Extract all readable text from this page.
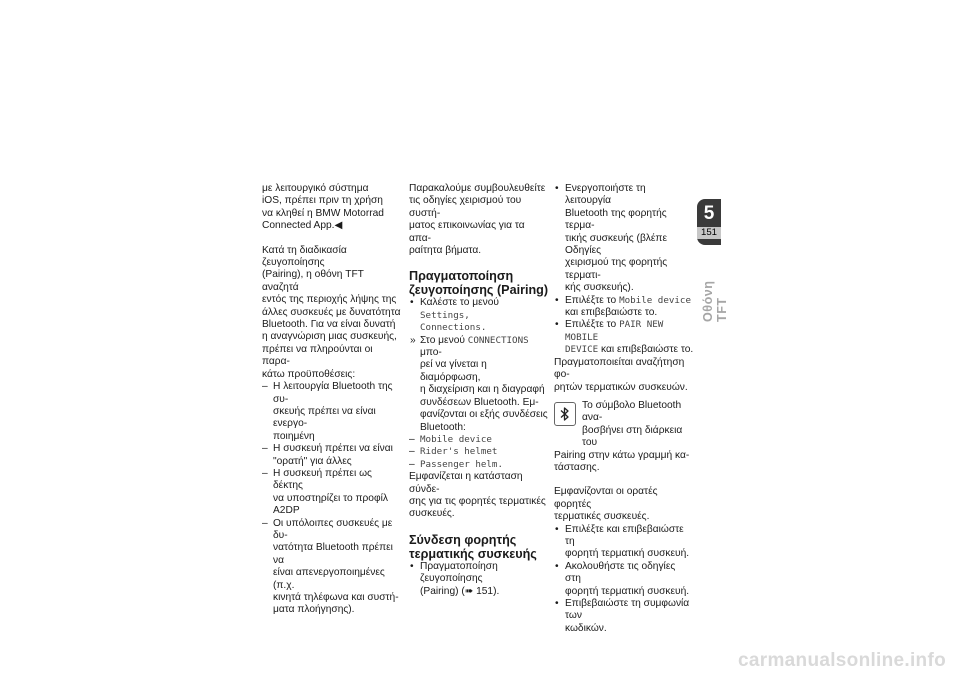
με λειτουργικό σύστημα

iOS, πρέπει πριν τη χρήση

να κληθεί η BMW Motorrad

Connected App.◀

Κατά τη διαδικασία ζευγοποίησης

(Pairing), η οθόνη TFT αναζητά

εντός της περιοχής λήψης της

άλλες συσκευές με δυνατότητα

Bluetooth. Για να είναι δυνατή

η αναγνώριση μιας συσκευής,

πρέπει να πληρούνται οι παρα-

κάτω προϋποθέσεις:

– Η λειτουργία Bluetooth της συ-

σκευής πρέπει να είναι ενεργο-

ποιημένη

– Η συσκευή πρέπει να είναι

"ορατή" για άλλες

– Η συσκευή πρέπει ως δέκτης

να υποστηρίζει το προφίλ A2DP

– Οι υπόλοιπες συσκευές με δυ-

νατότητα Bluetooth πρέπει να

είναι απενεργοποιημένες (π.χ.

κινητά τηλέφωνα και συστή-

ματα πλοήγησης).

Παρακαλούμε συμβουλευθείτε

τις οδηγίες χειρισμού του συστή-

ματος επικοινωνίας για τα απα-

ραίτητα βήματα.

Πραγματοποίηση

ζευγοποίησης (Pairing)

• Καλέστε το μενού Settings,

Connections.

» Στο μενού CONNECTIONS μπο-

ρεί να γίνεται η διαμόρφωση,

η διαχείριση και η διαγραφή

συνδέσεων Bluetooth. Εμ-

φανίζονται οι εξής συνδέσεις

Bluetooth:

– Mobile device

– Rider's helmet

– Passenger helm.

Εμφανίζεται η κατάσταση σύνδε-

σης για τις φορητές τερματικές

συσκευές.

Σύνδεση φορητής

τερματικής συσκευής

• Πραγματοποίηση ζευγοποίησης

(Pairing) (➠ 151).

• Ενεργοποιήστε τη λειτουργία

Bluetooth της φορητής τερμα-

τικής συσκευής (βλέπε Οδηγίες

χειρισμού της φορητής τερματι-

κής συσκευής).

• Επιλέξτε το Mobile device

και επιβεβαιώστε το.

• Επιλέξτε το PAIR NEW MOBILE

DEVICE και επιβεβαιώστε το.

Πραγματοποιείται αναζήτηση φο-

ρητών τερματικών συσκευών.

Το σύμβολο Bluetooth ανα-

βοσβήνει στη διάρκεια του

Pairing στην κάτω γραμμή κα-

τάστασης.

Εμφανίζονται οι ορατές φορητές

τερματικές συσκευές.

• Επιλέξτε και επιβεβαιώστε τη

φορητή τερματική συσκευή.

• Ακολουθήστε τις οδηγίες στη

φορητή τερματική συσκευή.

• Επιβεβαιώστε τη συμφωνία των

κωδικών.

5
151
Οθόνη TFT
carmanualsonline.info
